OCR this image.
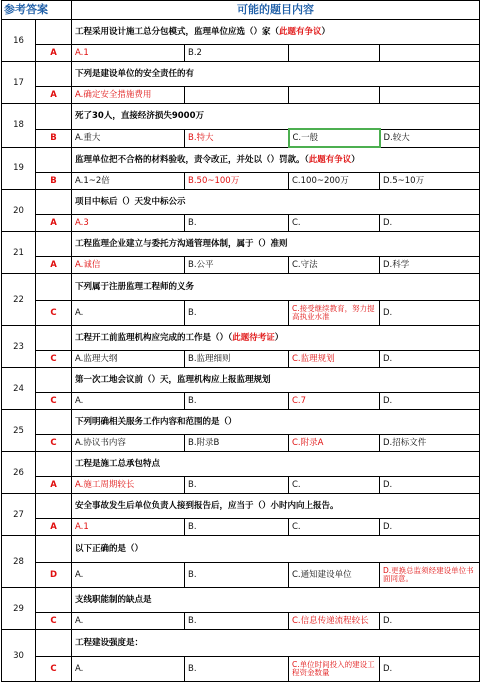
参考答案		可能的题目内容			
16		工程采用设计施工总分包模式，监理单位应选（）家（此题有争议）			
	A	A.1	B.2		
17		下列是建设单位的安全责任的有			
	A	A.确定安全措施费用			
18		死了30人，直接经济损失9000万			
	B	A.重大	B.特大	C.一般	D.较大
19		监理单位把不合格的材料验收，责令改正，并处以（）罚款。（此题有争议）			
	B	A.1~2倍	B.50~100万	C.100~200万	D.5~10万
20		项目中标后（）天发中标公示			
	A	A.3	B.	C.	D.
21		工程监理企业建立与委托方沟通管理体制，属于（）准则			
	A	A.诚信	B.公平	C.守法	D.科学
22		下列属于注册监理工程师的义务			
	C	A.	B.	C.接受继续教育，努力提高执业水准	D.
23		工程开工前监理机构应完成的工作是（）（此题待考证）			
	C	A.监理大纲	B.监理细则	C.监理规划	D.
24		第一次工地会议前（）天，监理机构应上报监理规划			
	C	A.	B.	C.7	D.
25		下列明确相关服务工作内容和范围的是（）			
	C	A.协议书内容	B.附录B	C.附录A	D.招标文件
26		工程是施工总承包特点			
	A	A.施工周期较长	B.	C.	D.
27		安全事故发生后单位负责人接到报告后，应当于（）小时内向上报告。			
	A	A.1	B.	C.	D.
28		以下正确的是（）			
	D	A.	B.	C.通知建设单位	D.更换总监须经建设单位书面同意。
29		支线职能制的缺点是			
	C	A.	B.	C.信息传递流程较长	D.
30		工程建设强度是：			
	C	A.	B.	C.单位时间投入的建设工程资金数量	D.
